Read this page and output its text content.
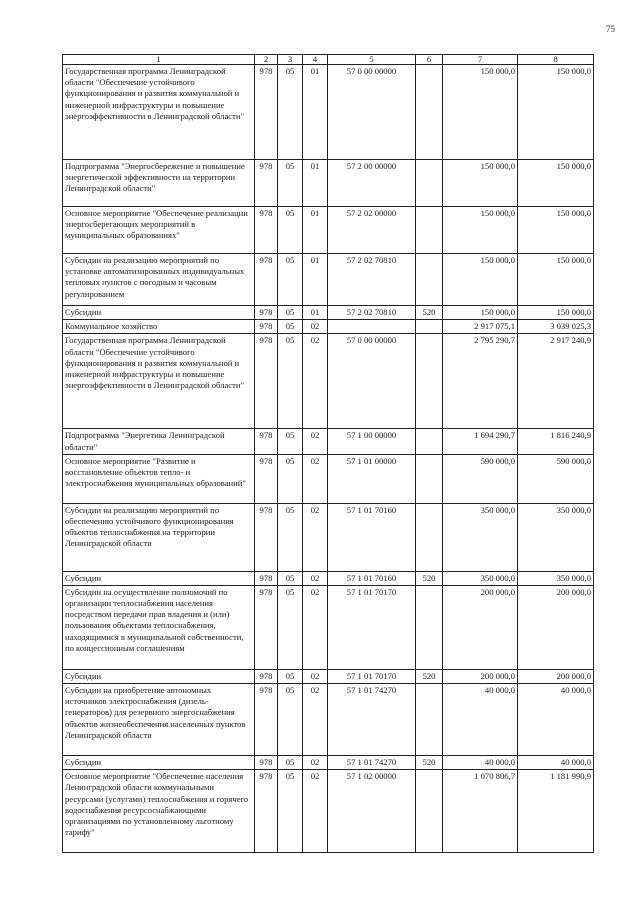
75
1	2	3	4	5	6	7	8
Государственная программа Ленинградской области "Обеспечение устойчивого функционирования и развития коммунальной и инженерной инфраструктуры и повышение энергоэффективности в Ленинградской области"	978	05	01	57 0 00 00000		150 000,0	150 000,0
Подпрограмма "Энергосбережение и повышение энергетической эффективности на территории Ленинградской области"	978	05	01	57 2 00 00000		150 000,0	150 000,0
Основное мероприятие "Обеспечение реализации энергосберегающих мероприятий в муниципальных образованиях"	978	05	01	57 2 02 00000		150 000,0	150 000,0
Субсидии на реализацию мероприятий по установке автоматизированных индивидуальных тепловых пунктов с погодным и часовым регулированием	978	05	01	57 2 02 70810		150 000,0	150 000,0
Субсидии	978	05	01	57 2 02 70810	520	150 000,0	150 000,0
Коммунальное хозяйство	978	05	02			2 917 075,1	3 039 025,3
Государственная программа Ленинградской области "Обеспечение устойчивого функционирования и развития коммунальной и инженерной инфраструктуры и повышение энергоэффективности в Ленинградской области"	978	05	02	57 0 00 00000		2 795 290,7	2 917 240,9
Подпрограмма "Энергетика Ленинградской области"	978	05	02	57 1 00 00000		1 694 290,7	1 816 240,9
Основное мероприятие "Развитие и восстановление объектов тепло- и электроснабжения муниципальных образований"	978	05	02	57 1 01 00000		590 000,0	590 000,0
Субсидии на реализацию мероприятий по обеспечению устойчивого функционирования объектов теплоснабжения на территории Ленинградской области	978	05	02	57 1 01 70160		350 000,0	350 000,0
Субсидии	978	05	02	57 1 01 70160	520	350 000,0	350 000,0
Субсидии на осуществление полномочий по организации теплоснабжения населения посредством передачи прав владения и (или) пользования объектами теплоснабжения, находящимися в муниципальной собственности, по концессионным соглашениям	978	05	02	57 1 01 70170		200 000,0	200 000,0
Субсидии	978	05	02	57 1 01 70170	520	200 000,0	200 000,0
Субсидии на приобретение автономных источников электроснабжения (дизель-генераторов) для резервного энергоснабжения объектов жизнеобеспечения населенных пунктов Ленинградской области	978	05	02	57 1 01 74270		40 000,0	40 000,0
Субсидии	978	05	02	57 1 01 74270	520	40 000,0	40 000,0
Основное мероприятие "Обеспечение населения Ленинградской области коммунальными ресурсами (услугами) теплоснабжения и горячего водоснабжения ресурсоснабжающими организациями по установленному льготному тарифу"	978	05	02	57 1 02 00000		1 070 806,7	1 181 990,9
